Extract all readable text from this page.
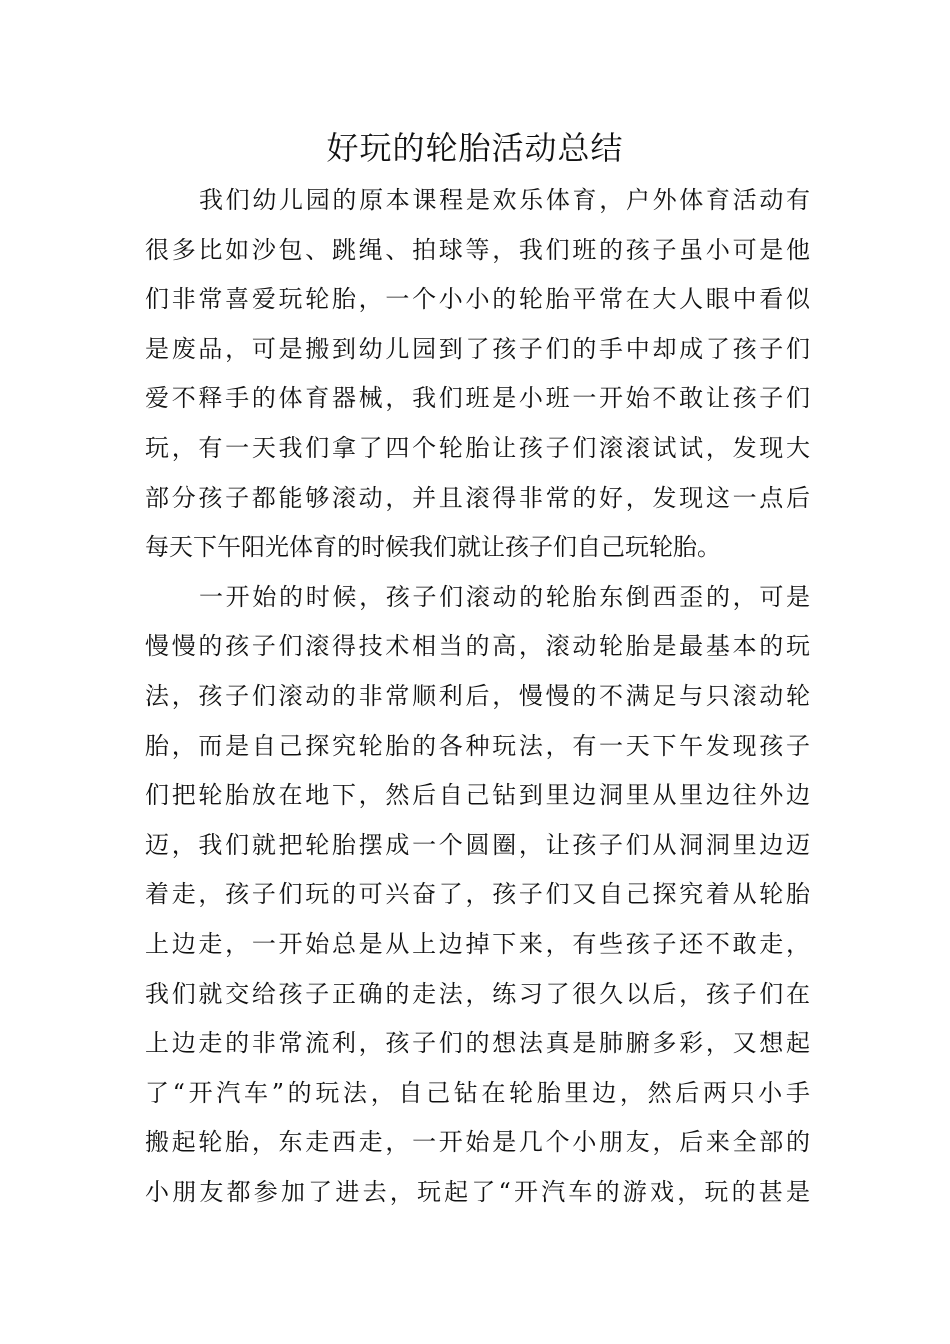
好玩的轮胎活动总结
我们幼儿园的原本课程是欢乐体育，户外体育活动有
很多比如沙包、跳绳、拍球等，我们班的孩子虽小可是他
们非常喜爱玩轮胎，一个小小的轮胎平常在大人眼中看似
是废品，可是搬到幼儿园到了孩子们的手中却成了孩子们
爱不释手的体育器械，我们班是小班一开始不敢让孩子们
玩，有一天我们拿了四个轮胎让孩子们滚滚试试，发现大
部分孩子都能够滚动，并且滚得非常的好，发现这一点后
每天下午阳光体育的时候我们就让孩子们自己玩轮胎。
一开始的时候，孩子们滚动的轮胎东倒西歪的，可是
慢慢的孩子们滚得技术相当的高，滚动轮胎是最基本的玩
法，孩子们滚动的非常顺利后，慢慢的不满足与只滚动轮
胎，而是自己探究轮胎的各种玩法，有一天下午发现孩子
们把轮胎放在地下，然后自己钻到里边洞里从里边往外边
迈，我们就把轮胎摆成一个圆圈，让孩子们从洞洞里边迈
着走，孩子们玩的可兴奋了，孩子们又自己探究着从轮胎
上边走，一开始总是从上边掉下来，有些孩子还不敢走，
我们就交给孩子正确的走法，练习了很久以后，孩子们在
上边走的非常流利，孩子们的想法真是肺腑多彩，又想起
了“开汽车”的玩法，自己钻在轮胎里边，然后两只小手
搬起轮胎，东走西走，一开始是几个小朋友，后来全部的
小朋友都参加了进去，玩起了“开汽车的游戏，玩的甚是
